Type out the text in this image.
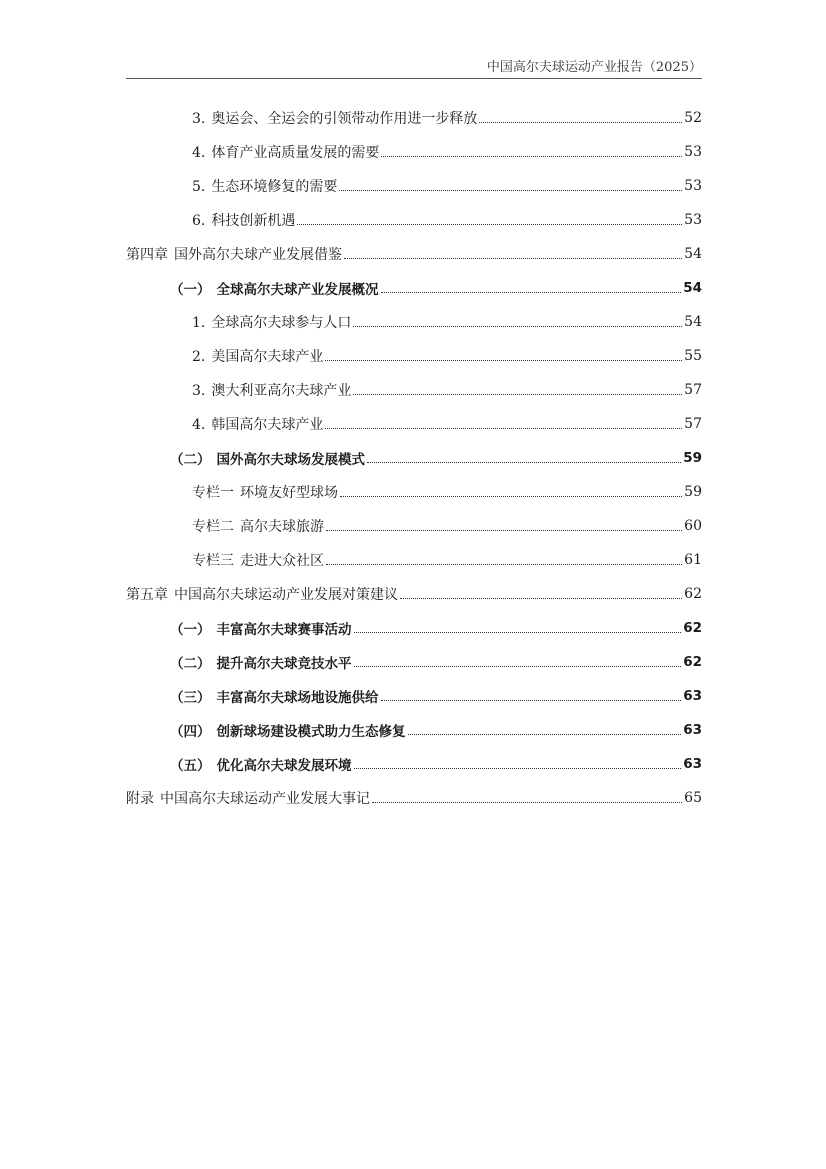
中国高尔夫球运动产业报告（2025）
3. 奥运会、全运会的引领带动作用进一步释放	52
4. 体育产业高质量发展的需要	53
5. 生态环境修复的需要	53
6. 科技创新机遇	53
第四章 国外高尔夫球产业发展借鉴	54
（一） 全球高尔夫球产业发展概况	54
1. 全球高尔夫球参与人口	54
2. 美国高尔夫球产业	55
3. 澳大利亚高尔夫球产业	57
4. 韩国高尔夫球产业	57
（二） 国外高尔夫球场发展模式	59
专栏一 环境友好型球场	59
专栏二 高尔夫球旅游	60
专栏三 走进大众社区	61
第五章 中国高尔夫球运动产业发展对策建议	62
（一） 丰富高尔夫球赛事活动	62
（二） 提升高尔夫球竞技水平	62
（三） 丰富高尔夫球场地设施供给	63
（四） 创新球场建设模式助力生态修复	63
（五） 优化高尔夫球发展环境	63
附录 中国高尔夫球运动产业发展大事记	65
